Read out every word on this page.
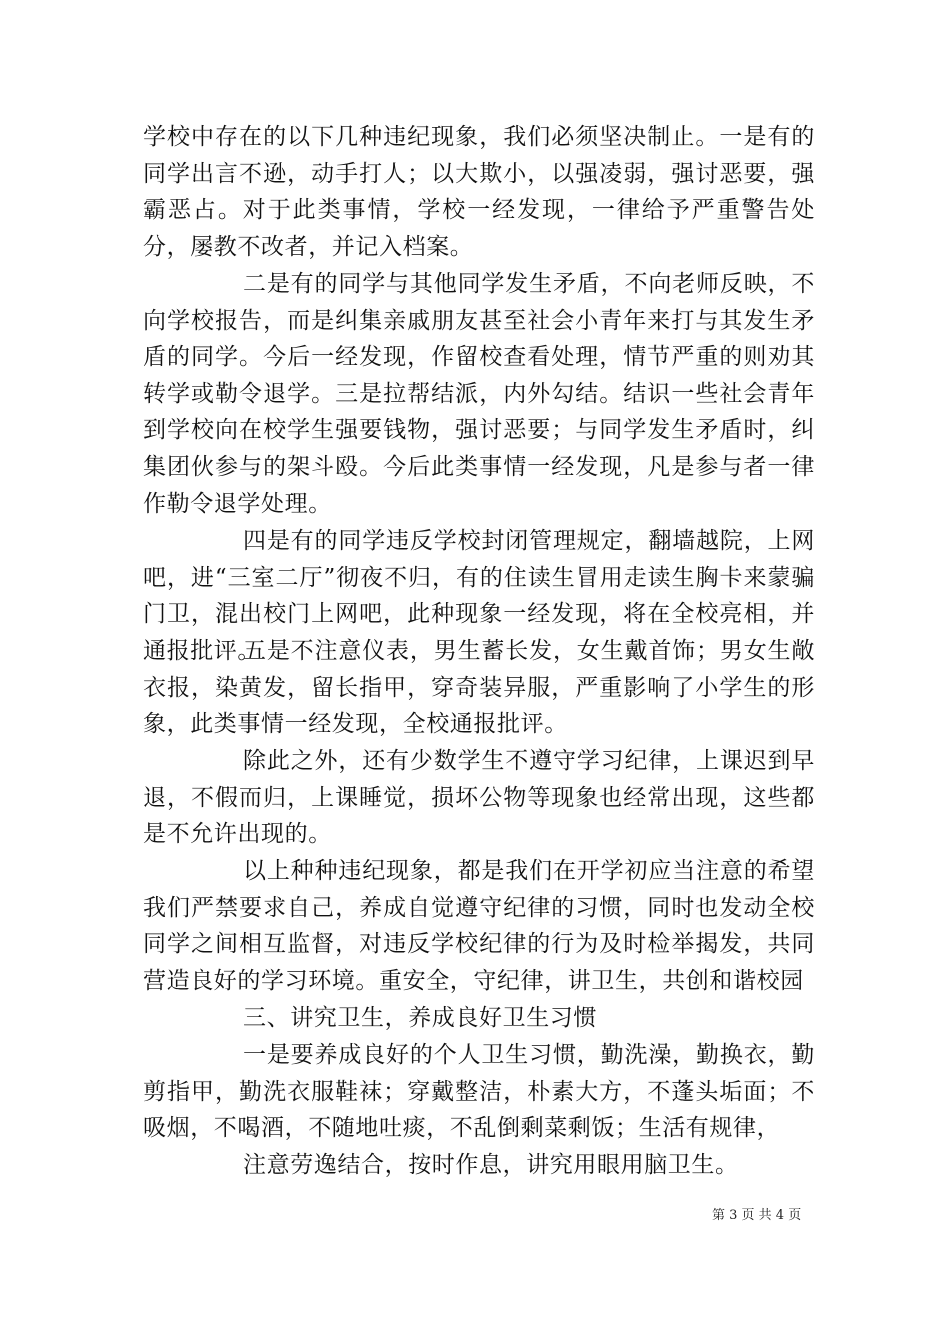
学校中存在的以下几种违纪现象，我们必须坚决制止。一是有的同学出言不逊，动手打人；以大欺小，以强凌弱，强讨恶要，强霸恶占。对于此类事情，学校一经发现，一律给予严重警告处分，屡教不改者，并记入档案。

二是有的同学与其他同学发生矛盾，不向老师反映，不向学校报告，而是纠集亲戚朋友甚至社会小青年来打与其发生矛盾的同学。今后一经发现，作留校查看处理，情节严重的则劝其转学或勒令退学。三是拉帮结派，内外勾结。结识一些社会青年到学校向在校学生强要钱物，强讨恶要；与同学发生矛盾时，纠集团伙参与的架斗殴。今后此类事情一经发现，凡是参与者一律作勒令退学处理。

四是有的同学违反学校封闭管理规定，翻墙越院，上网吧，进“三室二厅”彻夜不归，有的住读生冒用走读生胸卡来蒙骗门卫，混出校门上网吧，此种现象一经发现，将在全校亮相，并通报批评。

五是不注意仪表，男生蓄长发，女生戴首饰；男女生敞衣报，染黄发，留长指甲，穿奇装异服，严重影响了小学生的形象，此类事情一经发现，全校通报批评。

除此之外，还有少数学生不遵守学习纪律，上课迟到早退，不假而归，上课睡觉，损坏公物等现象也经常出现，这些都是不允许出现的。

以上种种违纪现象，都是我们在开学初应当注意的希望我们严禁要求自己，养成自觉遵守纪律的习惯，同时也发动全校同学之间相互监督，对违反学校纪律的行为及时检举揭发，共同营造良好的学习环境。重安全，守纪律，讲卫生，共创和谐校园

三、讲究卫生，养成良好卫生习惯

一是要养成良好的个人卫生习惯，勤洗澡，勤换衣，勤剪指甲，勤洗衣服鞋袜；穿戴整洁，朴素大方，不蓬头垢面；不吸烟，不喝酒，不随地吐痰，不乱倒剩菜剩饭；生活有规律，

注意劳逸结合，按时作息，讲究用眼用脑卫生。

第 3 页 共 4 页
